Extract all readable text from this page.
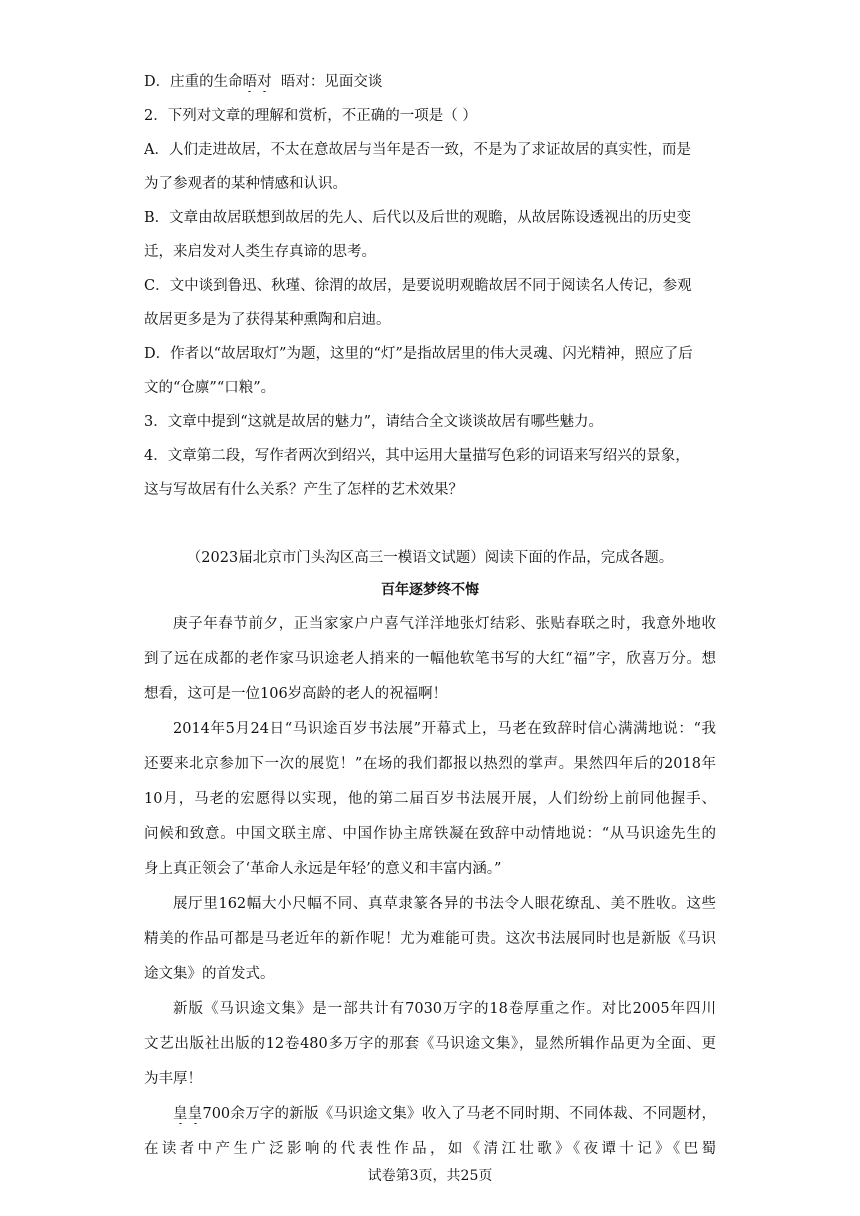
D．庄重的生命晤对  晤对：见面交谈
2．下列对文章的理解和赏析，不正确的一项是（ ）
A．人们走进故居，不太在意故居与当年是否一致，不是为了求证故居的真实性，而是
为了参观者的某种情感和认识。
B．文章由故居联想到故居的先人、后代以及后世的观瞻，从故居陈设透视出的历史变
迁，来启发对人类生存真谛的思考。
C．文中谈到鲁迅、秋瑾、徐渭的故居，是要说明观瞻故居不同于阅读名人传记，参观
故居更多是为了获得某种熏陶和启迪。
D．作者以“故居取灯”为题，这里的“灯”是指故居里的伟大灵魂、闪光精神，照应了后
文的“仓廪”“口粮”。
3．文章中提到“这就是故居的魅力”，请结合全文谈谈故居有哪些魅力。
4．文章第二段，写作者两次到绍兴，其中运用大量描写色彩的词语来写绍兴的景象，
这与写故居有什么关系？产生了怎样的艺术效果？
（2023届北京市门头沟区高三一模语文试题）阅读下面的作品，完成各题。
百年逐梦终不悔
庚子年春节前夕，正当家家户户喜气洋洋地张灯结彩、张贴春联之时，我意外地收
到了远在成都的老作家马识途老人捎来的一幅他软笔书写的大红“福”字，欣喜万分。想
想看，这可是一位106岁高龄的老人的祝福啊！
2014年5月24日“马识途百岁书法展”开幕式上，马老在致辞时信心满满地说：“我
还要来北京参加下一次的展览！”在场的我们都报以热烈的掌声。果然四年后的2018年
10月，马老的宏愿得以实现，他的第二届百岁书法展开展，人们纷纷上前同他握手、
问候和致意。中国文联主席、中国作协主席铁凝在致辞中动情地说：“从马识途先生的
身上真正领会了‘革命人永远是年轻’的意义和丰富内涵。”
展厅里162幅大小尺幅不同、真草隶篆各异的书法令人眼花缭乱、美不胜收。这些
精美的作品可都是马老近年的新作呢！尤为难能可贵。这次书法展同时也是新版《马识
途文集》的首发式。
新版《马识途文集》是一部共计有7030万字的18卷厚重之作。对比2005年四川
文艺出版社出版的12卷480多万字的那套《马识途文集》，显然所辑作品更为全面、更
为丰厚！
皇皇700余万字的新版《马识途文集》收入了马老不同时期、不同体裁、不同题材，
在读者中产生广泛影响的代表性作品，如《清江壮歌》《夜谭十记》《巴蜀
试卷第3页，共25页
